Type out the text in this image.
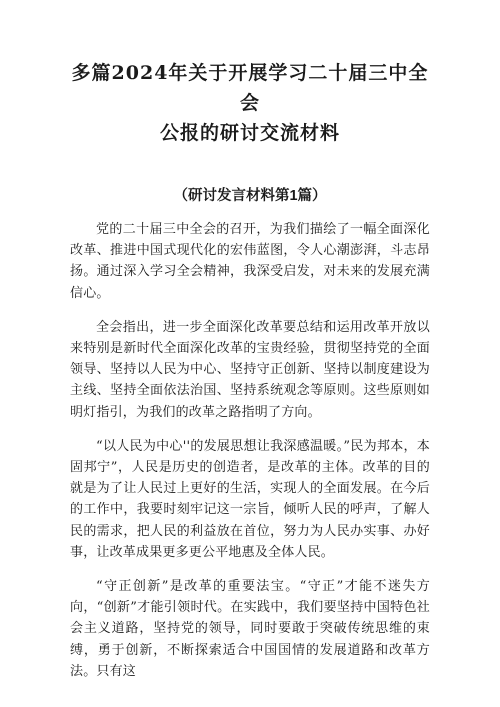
多篇2024年关于开展学习二十届三中全会
公报的研讨交流材料
（研讨发言材料第1篇）

党的二十届三中全会的召开，为我们描绘了一幅全面深化改革、推进中国式现代化的宏伟蓝图，令人心潮澎湃，斗志昂扬。通过深入学习全会精神，我深受启发，对未来的发展充满信心。

全会指出，进一步全面深化改革要总结和运用改革开放以来特别是新时代全面深化改革的宝贵经验，贯彻坚持党的全面领导、坚持以人民为中心、坚持守正创新、坚持以制度建设为主线、坚持全面依法治国、坚持系统观念等原则。这些原则如明灯指引，为我们的改革之路指明了方向。

“以人民为中心''的发展思想让我深感温暖。”民为邦本，本固邦宁”，人民是历史的创造者，是改革的主体。改革的目的就是为了让人民过上更好的生活，实现人的全面发展。在今后的工作中，我要时刻牢记这一宗旨，倾听人民的呼声，了解人民的需求，把人民的利益放在首位，努力为人民办实事、办好事，让改革成果更多更公平地惠及全体人民。

“守正创新”是改革的重要法宝。“守正”才能不迷失方向，“创新”才能引领时代。在实践中，我们要坚持中国特色社会主义道路，坚持党的领导，同时要敢于突破传统思维的束缚，勇于创新，不断探索适合中国国情的发展道路和改革方法。只有这
